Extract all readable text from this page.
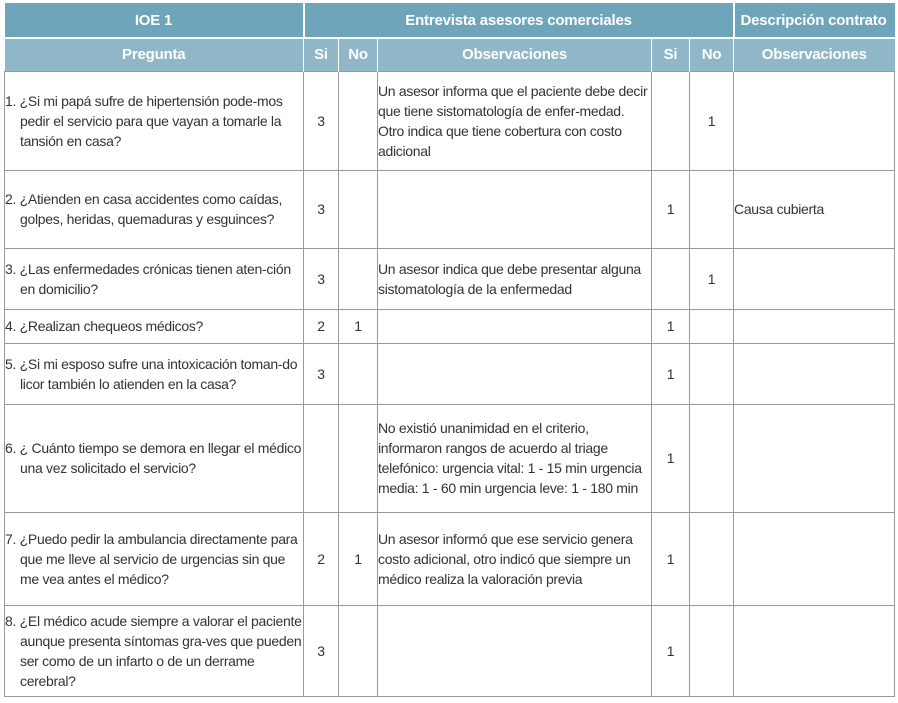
IOE 1	Entrevista asesores comerciales					Descripción contrato
Pregunta	Si	No	Observaciones	Si	No	Observaciones

1. ¿Si mi papá sufre de hipertensión pode-mos pedir el servicio para que vayan a tomarle la tansión en casa?	3		Un asesor informa que el paciente debe decir que tiene sistomatología de enfer-medad. Otro indica que tiene cobertura con costo adicional		1	

2. ¿Atienden en casa accidentes como caídas, golpes, heridas, quemaduras y esguinces?	3			1		Causa cubierta

3. ¿Las enfermedades crónicas tienen aten-ción en domicilio?	3		Un asesor indica que debe presentar alguna sistomatología de la enfermedad		1	

4. ¿Realizan chequeos médicos?	2	1		1		

5. ¿Si mi esposo sufre una intoxicación toman-do licor también lo atienden en la casa?	3			1		

6. ¿ Cuánto tiempo se demora en llegar el médico una vez solicitado el servicio?			No existió unanimidad en el criterio, informaron rangos de acuerdo al triage telefónico: urgencia vital: 1 - 15 min urgencia media: 1 - 60 min urgencia leve: 1 - 180 min	1		

7. ¿Puedo pedir la ambulancia directamente para que me lleve al servicio de urgencias sin que me vea antes el médico?	2	1	Un asesor informó que ese servicio genera costo adicional, otro indicó que siempre un médico realiza la valoración previa	1		

8. ¿El médico acude siempre a valorar el paciente aunque presenta síntomas gra-ves que pueden ser como de un infarto o de un derrame cerebral?	3			1		
